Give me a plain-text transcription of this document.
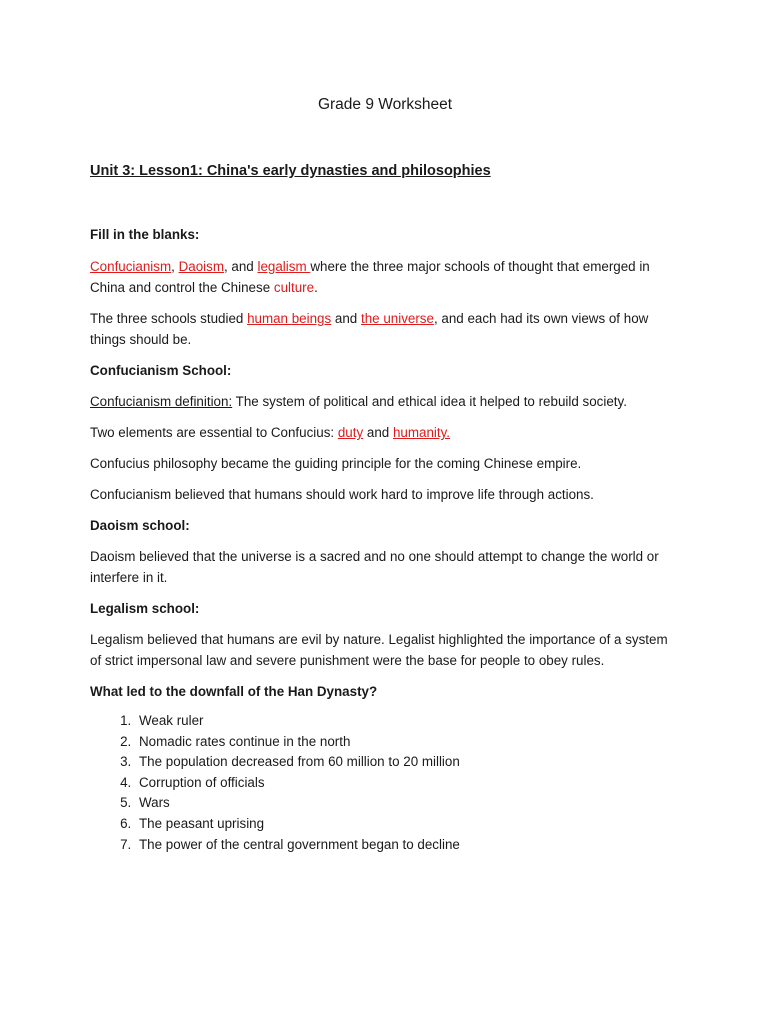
Grade 9 Worksheet
Unit 3: Lesson1: China's early dynasties and philosophies
Fill in the blanks:

Confucianism, Daoism, and legalism where the three major schools of thought that emerged in China and control the Chinese culture.

The three schools studied human beings and the universe, and each had its own views of how things should be.

Confucianism School:

Confucianism definition: The system of political and ethical idea it helped to rebuild society.

Two elements are essential to Confucius: duty and humanity.

Confucius philosophy became the guiding principle for the coming Chinese empire.

Confucianism believed that humans should work hard to improve life through actions.

Daoism school:

Daoism believed that the universe is a sacred and no one should attempt to change the world or interfere in it.

Legalism school:

Legalism believed that humans are evil by nature. Legalist highlighted the importance of a system of strict impersonal law and severe punishment were the base for people to obey rules.

What led to the downfall of the Han Dynasty?

1. Weak ruler
2. Nomadic rates continue in the north
3. The population decreased from 60 million to 20 million
4. Corruption of officials
5. Wars
6. The peasant uprising
7. The power of the central government began to decline
